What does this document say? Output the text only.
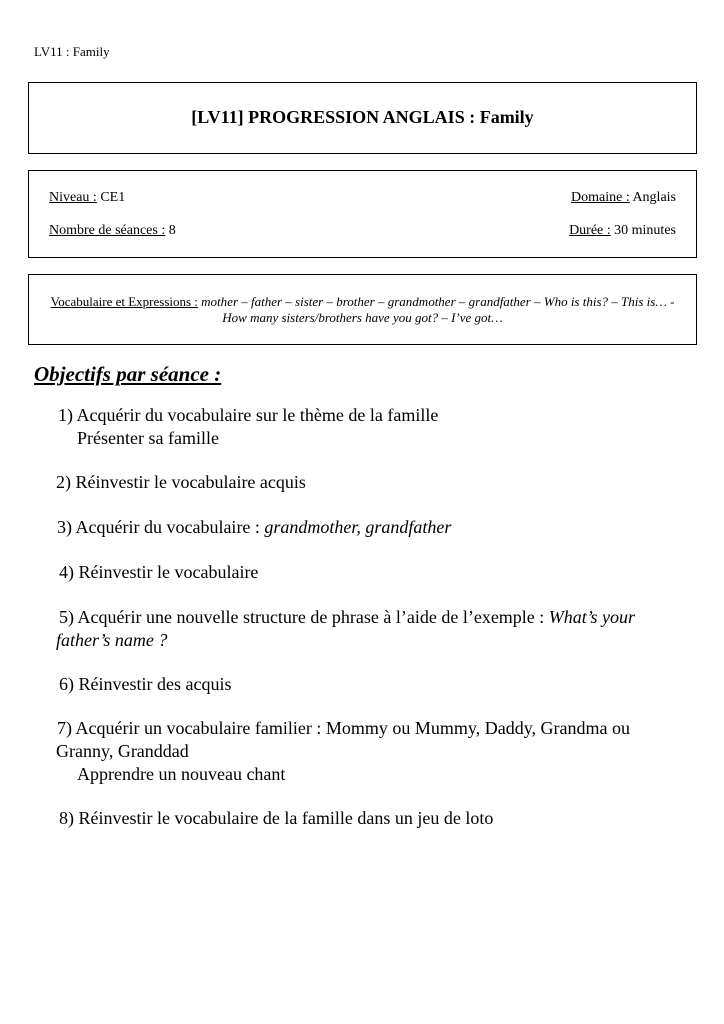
LV11 : Family
[LV11] PROGRESSION ANGLAIS : Family
Niveau : CE1	Domaine : Anglais
Nombre de séances : 8	Durée : 30 minutes
Vocabulaire et Expressions : mother – father – sister – brother – grandmother – grandfather – Who is this? – This is… - How many sisters/brothers have you got? – I’ve got…
Objectifs par séance :
1) Acquérir du vocabulaire sur le thème de la famille
Présenter sa famille
2) Réinvestir le vocabulaire acquis
3) Acquérir du vocabulaire : grandmother, grandfather
4) Réinvestir le vocabulaire
5) Acquérir une nouvelle structure de phrase à l’aide de l’exemple : What’s your
father’s name ?
6) Réinvestir des acquis
7) Acquérir un vocabulaire familier : Mommy ou Mummy, Daddy, Grandma ou
Granny, Granddad
Apprendre un nouveau chant
8) Réinvestir le vocabulaire de la famille dans un jeu de loto
